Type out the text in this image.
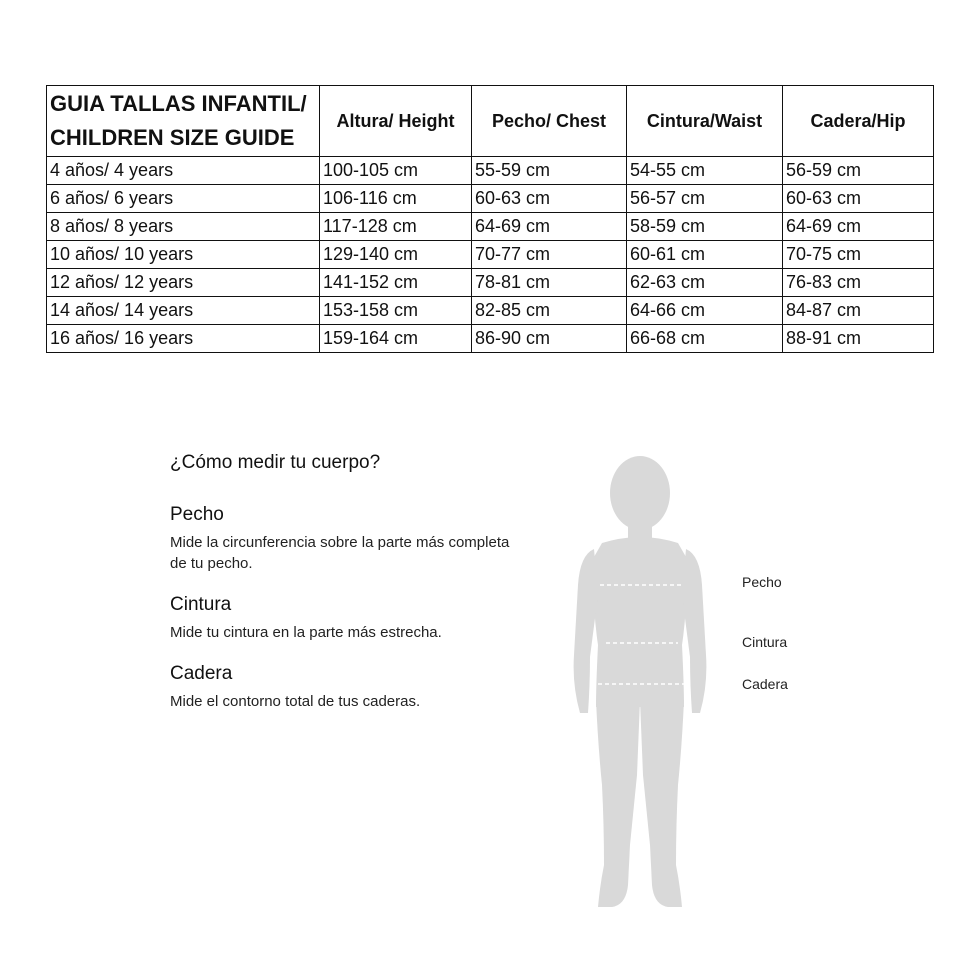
GUIA TALLAS INFANTIL/
CHILDREN SIZE GUIDE	Altura/ Height	Pecho/ Chest	Cintura/Waist	Cadera/Hip
4 años/ 4 years	100-105 cm	55-59 cm	54-55 cm	56-59 cm
6 años/ 6 years	106-116 cm	60-63 cm	56-57 cm	60-63 cm
8 años/ 8 years	117-128 cm	64-69 cm	58-59 cm	64-69 cm
10 años/ 10 years	129-140 cm	70-77 cm	60-61 cm	70-75 cm
12 años/ 12 years	141-152 cm	78-81 cm	62-63 cm	76-83 cm
14 años/ 14 years	153-158 cm	82-85 cm	64-66 cm	84-87 cm
16 años/ 16 years	159-164 cm	86-90 cm	66-68 cm	88-91 cm
¿Cómo medir tu cuerpo?
Pecho

Mide la circunferencia sobre la parte más completa de tu pecho.

Cintura

Mide tu cintura en la parte más estrecha.

Cadera

Mide el contorno total de tus caderas.

Pecho
Cintura
Cadera
